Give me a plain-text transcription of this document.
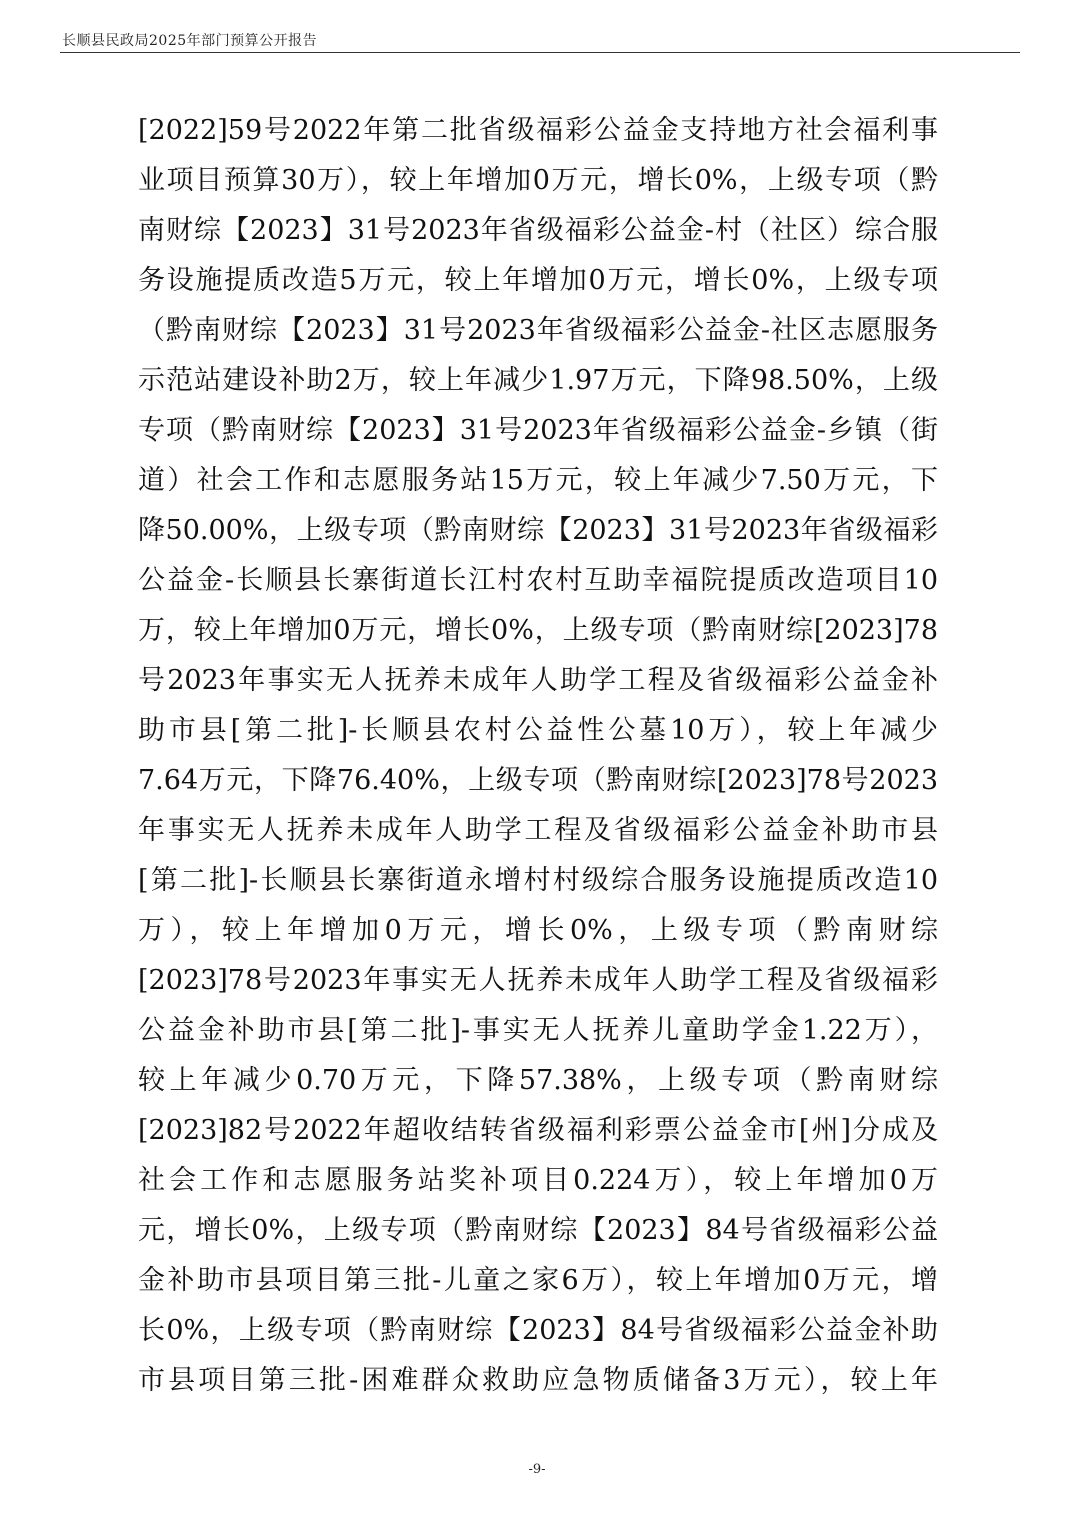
长顺县民政局2025年部门预算公开报告
[2022]59号2022年第二批省级福彩公益金支持地方社会福利事
业项目预算30万），较上年增加0万元，增长0%，上级专项（黔
南财综【2023】31号2023年省级福彩公益金-村（社区）综合服
务设施提质改造5万元，较上年增加0万元，增长0%，上级专项
（黔南财综【2023】31号2023年省级福彩公益金-社区志愿服务
示范站建设补助2万，较上年减少1.97万元，下降98.50%，上级
专项（黔南财综【2023】31号2023年省级福彩公益金-乡镇（街
道）社会工作和志愿服务站15万元，较上年减少7.50万元，下
降50.00%，上级专项（黔南财综【2023】31号2023年省级福彩
公益金-长顺县长寨街道长江村农村互助幸福院提质改造项目10
万，较上年增加0万元，增长0%，上级专项（黔南财综[2023]78
号2023年事实无人抚养未成年人助学工程及省级福彩公益金补
助市县[第二批]-长顺县农村公益性公墓10万），较上年减少
7.64万元，下降76.40%，上级专项（黔南财综[2023]78号2023
年事实无人抚养未成年人助学工程及省级福彩公益金补助市县
[第二批]-长顺县长寨街道永增村村级综合服务设施提质改造10
万），较上年增加0万元，增长0%，上级专项（黔南财综
[2023]78号2023年事实无人抚养未成年人助学工程及省级福彩
公益金补助市县[第二批]-事实无人抚养儿童助学金1.22万），
较上年减少0.70万元，下降57.38%，上级专项（黔南财综
[2023]82号2022年超收结转省级福利彩票公益金市[州]分成及
社会工作和志愿服务站奖补项目0.224万），较上年增加0万
元，增长0%，上级专项（黔南财综【2023】84号省级福彩公益
金补助市县项目第三批-儿童之家6万），较上年增加0万元，增
长0%，上级专项（黔南财综【2023】84号省级福彩公益金补助
市县项目第三批-困难群众救助应急物质储备3万元），较上年
-9-
